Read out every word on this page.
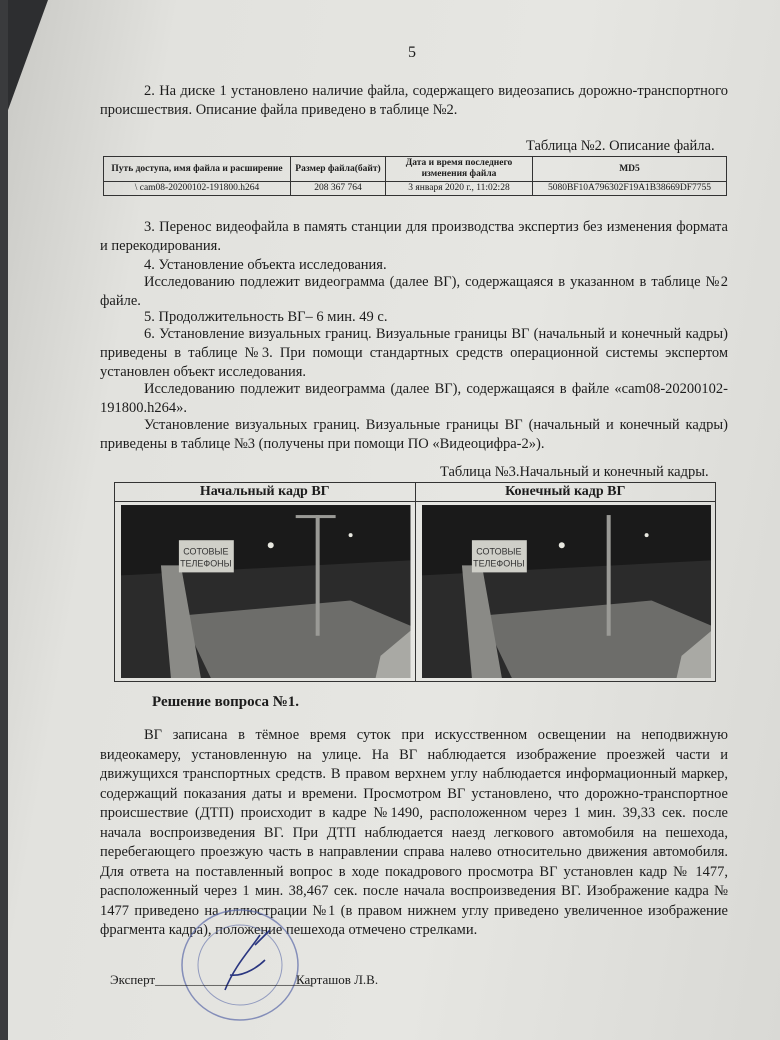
5
2. На диске 1 установлено наличие файла, содержащего видеозапись дорожно-транспортного происшествия. Описание файла приведено в таблице №2.
Таблица №2. Описание файла.
Путь доступа, имя файла и расширение	Размер файла(байт)	Дата и время последнего изменения файла	MD5
\ cam08-20200102-191800.h264	208 367 764	3 января 2020 г., 11:02:28	5080BF10A796302F19A1B38669DF7755
3. Перенос видеофайла в память станции для производства экспертиз без изменения формата и перекодирования.
4. Установление объекта исследования.
Исследованию подлежит видеограмма (далее ВГ), содержащаяся в указанном в таблице №2 файле.
5. Продолжительность ВГ– 6 мин. 49 с.
6. Установление визуальных границ. Визуальные границы ВГ (начальный и конечный кадры) приведены в таблице №3. При помощи стандартных средств операционной системы экспертом установлен объект исследования.
Исследованию подлежит видеограмма (далее ВГ), содержащаяся в файле «cam08-20200102-191800.h264».
Установление визуальных границ. Визуальные границы ВГ (начальный и конечный кадры) приведены в таблице №3 (получены при помощи ПО «Видеоцифра-2»).
Таблица №3.Начальный и конечный кадры.
Начальный кадр ВГ	Конечный кадр ВГ
СОТОВЫЕ
ТЕЛЕФОНЫ
СОТОВЫЕ
ТЕЛЕФОНЫ
Решение вопроса №1.
ВГ записана в тёмное время суток при искусственном освещении на неподвижную видеокамеру, установленную на улице. На ВГ наблюдается изображение проезжей части и движущихся транспортных средств. В правом верхнем углу наблюдается информационный маркер, содержащий показания даты и времени. Просмотром ВГ установлено, что дорожно-транспортное происшествие (ДТП) происходит в кадре №1490, расположенном через 1 мин. 39,33 сек. после начала воспроизведения ВГ. При ДТП наблюдается наезд легкового автомобиля на пешехода, перебегающего проезжую часть в направлении справа налево относительно движения автомобиля. Для ответа на поставленный вопрос в ходе покадрового просмотра ВГ установлен кадр № 1477, расположенный через 1 мин. 38,467 сек. после начала воспроизведения ВГ. Изображение кадра № 1477 приведено на иллюстрации №1 (в правом нижнем углу приведено увеличенное изображение фрагмента кадра), положение пешехода отмечено стрелками.
Эксперт________________________
Карташов Л.В.
